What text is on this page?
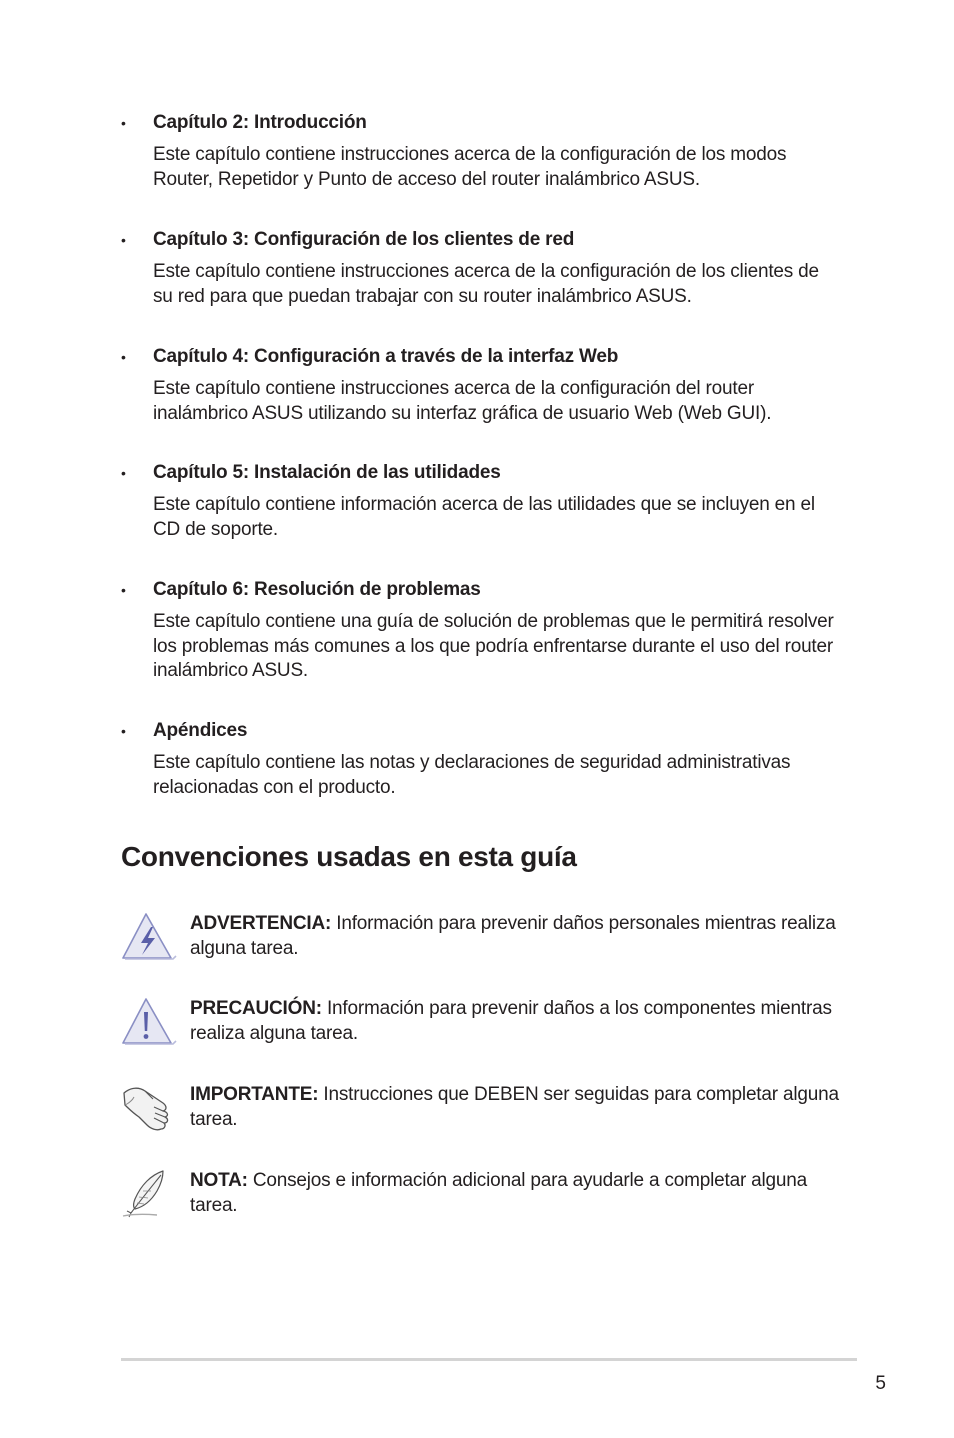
• Capítulo 2: Introducción
Este capítulo contiene instrucciones acerca de la configuración de los modos Router, Repetidor y Punto de acceso del router inalámbrico ASUS.
• Capítulo 3: Configuración de los clientes de red
Este capítulo contiene instrucciones acerca de la configuración de los clientes de su red para que puedan trabajar con su router inalámbrico ASUS.
• Capítulo 4: Configuración a través de la interfaz Web
Este capítulo contiene instrucciones acerca de la configuración del router inalámbrico ASUS utilizando su interfaz gráfica de usuario Web (Web GUI).
• Capítulo 5: Instalación de las utilidades
Este capítulo contiene información acerca de las utilidades que se incluyen en el CD de soporte.
• Capítulo 6: Resolución de problemas
Este capítulo contiene una guía de solución de problemas que le permitirá resolver los problemas más comunes a los que podría enfrentarse durante el uso del router inalámbrico ASUS.
• Apéndices
Este capítulo contiene las notas y declaraciones de seguridad administrativas relacionadas con el producto.
Convenciones usadas en esta guía
ADVERTENCIA: Información para prevenir daños personales mientras realiza alguna tarea.
PRECAUCIÓN: Información para prevenir daños a los componentes mientras realiza alguna tarea.
IMPORTANTE: Instrucciones que DEBEN ser seguidas para completar alguna tarea.
NOTA: Consejos e información adicional para ayudarle a completar alguna tarea.
5
